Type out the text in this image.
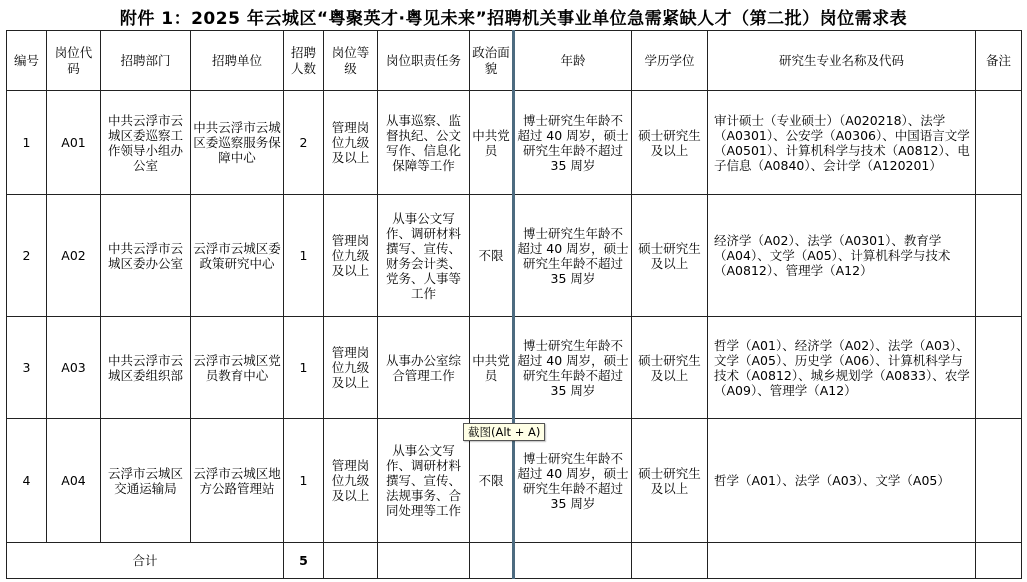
附件 1：2025 年云城区“粤聚英才·粤见未来”招聘机关事业单位急需紧缺人才（第二批）岗位需求表
编号	岗位代码	招聘部门	招聘单位	招聘人数	岗位等级	岗位职责任务	政治面貌	年龄	学历学位	研究生专业名称及代码	备注
1	A01	中共云浮市云城区委巡察工作领导小组办公室	中共云浮市云城区委巡察服务保障中心	2	管理岗位九级及以上	从事巡察、监督执纪、公文写作、信息化保障等工作	中共党员	博士研究生年龄不超过 40 周岁，硕士研究生年龄不超过 35 周岁	硕士研究生及以上	审计硕士（专业硕士）（A020218）、法学（A0301）、公安学（A0306）、中国语言文学（A0501）、计算机科学与技术（A0812）、电子信息（A0840）、会计学（A120201）	
2	A02	中共云浮市云城区委办公室	云浮市云城区委政策研究中心	1	管理岗位九级及以上	从事公文写作、调研材料撰写、宣传、财务会计类、党务、人事等工作	不限	博士研究生年龄不超过 40 周岁，硕士研究生年龄不超过 35 周岁	硕士研究生及以上	经济学（A02）、法学（A0301）、教育学（A04）、文学（A05）、计算机科学与技术（A0812）、管理学（A12）	
3	A03	中共云浮市云城区委组织部	云浮市云城区党员教育中心	1	管理岗位九级及以上	从事办公室综合管理工作	中共党员	博士研究生年龄不超过 40 周岁，硕士研究生年龄不超过 35 周岁	硕士研究生及以上	哲学（A01）、经济学（A02）、法学（A03）、文学（A05）、历史学（A06）、计算机科学与技术（A0812）、城乡规划学（A0833）、农学（A09）、管理学（A12）	
4	A04	云浮市云城区交通运输局	云浮市云城区地方公路管理站	1	管理岗位九级及以上	从事公文写作、调研材料撰写、宣传、法规事务、合同处理等工作	不限	博士研究生年龄不超过 40 周岁，硕士研究生年龄不超过 35 周岁	硕士研究生及以上	哲学（A01）、法学（A03）、文学（A05）	
合计				5							
截图(Alt + A)
